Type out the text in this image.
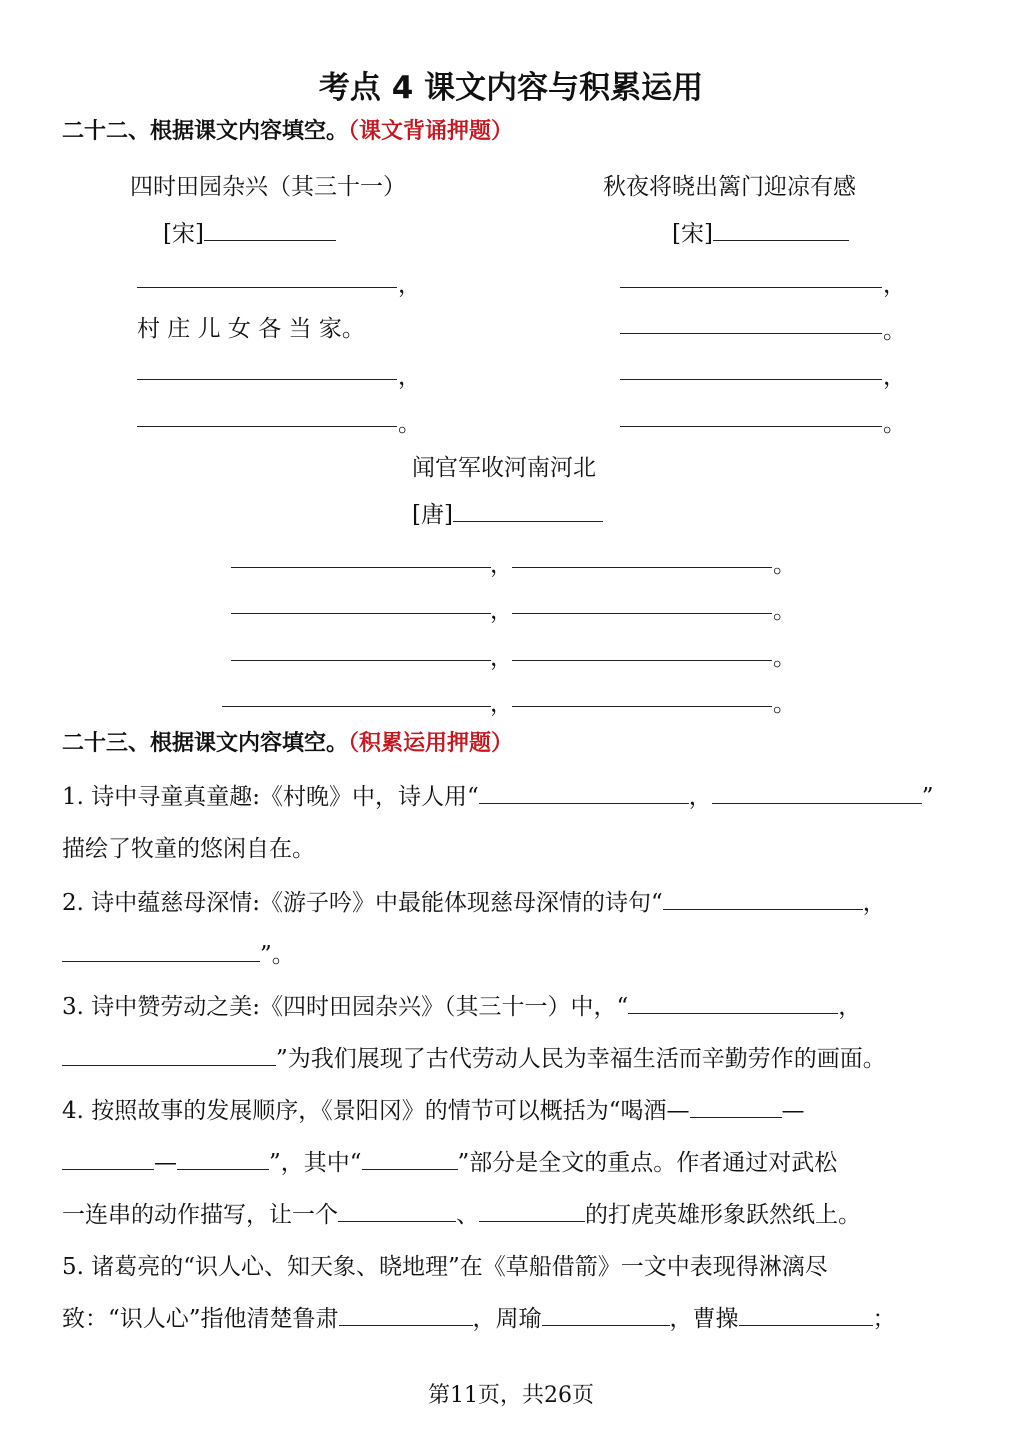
考点 4 课文内容与积累运用
二十二、根据课文内容填空。（课文背诵押题）
四时田园杂兴（其三十一）
[宋]
，
村 庄 儿 女 各 当 家。
，
。
秋夜将晓出篱门迎凉有感
[宋]
，
。
，
。
闻官军收河南河北
[唐]
，	。
，	。
，	。
，	。
二十三、根据课文内容填空。（积累运用押题）
1. 诗中寻童真童趣:《村晚》中，诗人用“	，	”
描绘了牧童的悠闲自在。
2. 诗中蕴慈母深情:《游子吟》中最能体现慈母深情的诗句“	，
”。
3. 诗中赞劳动之美:《四时田园杂兴》（其三十一）中，“	，
”为我们展现了古代劳动人民为幸福生活而辛勤劳作的画面。
4. 按照故事的发展顺序，《景阳冈》的情节可以概括为“喝酒—	—
—	”，其中“	”部分是全文的重点。作者通过对武松
一连串的动作描写，让一个	、	的打虎英雄形象跃然纸上。
5. 诸葛亮的“识人心、知天象、晓地理”在《草船借箭》一文中表现得淋漓尽
致：“识人心”指他清楚鲁肃	，周瑜	，曹操	；
第11页，共26页
